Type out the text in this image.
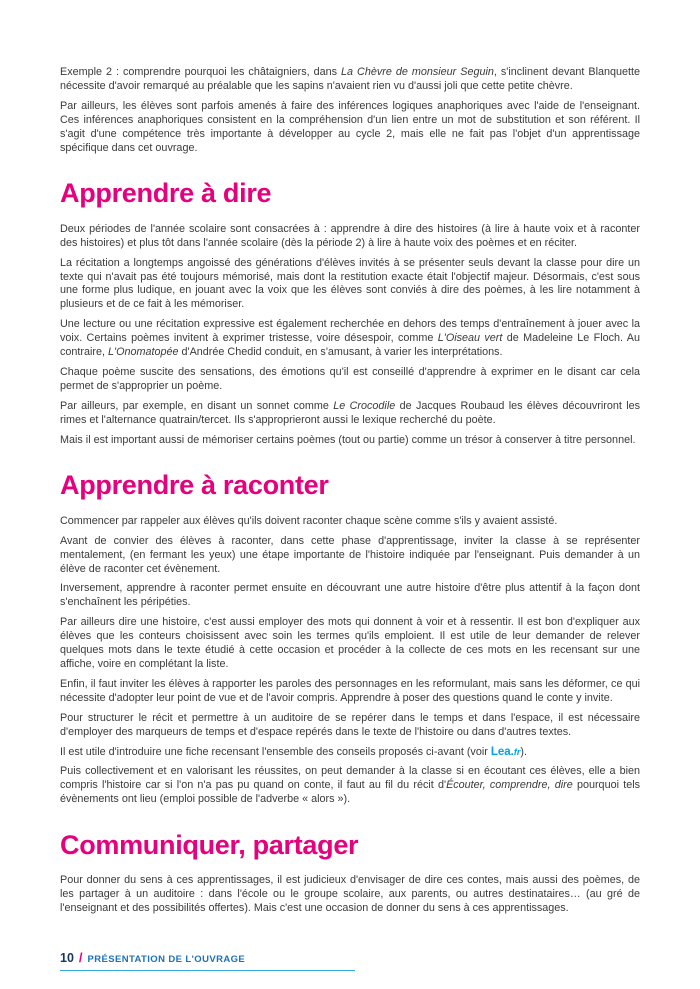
Exemple 2 : comprendre pourquoi les châtaigniers, dans La Chèvre de monsieur Seguin, s'inclinent devant Blanquette nécessite d'avoir remarqué au préalable que les sapins n'avaient rien vu d'aussi joli que cette petite chèvre.

Par ailleurs, les élèves sont parfois amenés à faire des inférences logiques anaphoriques avec l'aide de l'enseignant. Ces inférences anaphoriques consistent en la compréhension d'un lien entre un mot de substitution et son référent. Il s'agit d'une compétence très importante à développer au cycle 2, mais elle ne fait pas l'objet d'un apprentissage spécifique dans cet ouvrage.

Apprendre à dire

Deux périodes de l'année scolaire sont consacrées à : apprendre à dire des histoires (à lire à haute voix et à raconter des histoires) et plus tôt dans l'année scolaire (dès la période 2) à lire à haute voix des poèmes et en réciter.

La récitation a longtemps angoissé des générations d'élèves invités à se présenter seuls devant la classe pour dire un texte qui n'avait pas été toujours mémorisé, mais dont la restitution exacte était l'objectif majeur. Désormais, c'est sous une forme plus ludique, en jouant avec la voix que les élèves sont conviés à dire des poèmes, à les lire notamment à plusieurs et de ce fait à les mémoriser.

Une lecture ou une récitation expressive est également recherchée en dehors des temps d'entraînement à jouer avec la voix. Certains poèmes invitent à exprimer tristesse, voire désespoir, comme L'Oiseau vert de Madeleine Le Floch. Au contraire, L'Onomatopée d'Andrée Chedid conduit, en s'amusant, à varier les interprétations.

Chaque poème suscite des sensations, des émotions qu'il est conseillé d'apprendre à exprimer en le disant car cela permet de s'approprier un poème.

Par ailleurs, par exemple, en disant un sonnet comme Le Crocodile de Jacques Roubaud les élèves découvriront les rimes et l'alternance quatrain/tercet. Ils s'approprieront aussi le lexique recherché du poète.

Mais il est important aussi de mémoriser certains poèmes (tout ou partie) comme un trésor à conserver à titre personnel.

Apprendre à raconter

Commencer par rappeler aux élèves qu'ils doivent raconter chaque scène comme s'ils y avaient assisté.

Avant de convier des élèves à raconter, dans cette phase d'apprentissage, inviter la classe à se représenter mentalement, (en fermant les yeux) une étape importante de l'histoire indiquée par l'enseignant. Puis demander à un élève de raconter cet évènement.

Inversement, apprendre à raconter permet ensuite en découvrant une autre histoire d'être plus attentif à la façon dont s'enchaînent les péripéties.

Par ailleurs dire une histoire, c'est aussi employer des mots qui donnent à voir et à ressentir. Il est bon d'expliquer aux élèves que les conteurs choisissent avec soin les termes qu'ils emploient. Il est utile de leur demander de relever quelques mots dans le texte étudié à cette occasion et procéder à la collecte de ces mots en les recensant sur une affiche, voire en complétant la liste.

Enfin, il faut inviter les élèves à rapporter les paroles des personnages en les reformulant, mais sans les déformer, ce qui nécessite d'adopter leur point de vue et de l'avoir compris. Apprendre à poser des questions quand le conte y invite.

Pour structurer le récit et permettre à un auditoire de se repérer dans le temps et dans l'espace, il est nécessaire d'employer des marqueurs de temps et d'espace repérés dans le texte de l'histoire ou dans d'autres textes.

Il est utile d'introduire une fiche recensant l'ensemble des conseils proposés ci-avant (voir Lea.fr).

Puis collectivement et en valorisant les réussites, on peut demander à la classe si en écoutant ces élèves, elle a bien compris l'histoire car si l'on n'a pas pu quand on conte, il faut au fil du récit d'Écouter, comprendre, dire pourquoi tels évènements ont lieu (emploi possible de l'adverbe « alors »).

Communiquer, partager

Pour donner du sens à ces apprentissages, il est judicieux d'envisager de dire ces contes, mais aussi des poèmes, de les partager à un auditoire : dans l'école ou le groupe scolaire, aux parents, ou autres destinataires… (au gré de l'enseignant et des possibilités offertes). Mais c'est une occasion de donner du sens à ces apprentissages.

10 / PRÉSENTATION DE L'OUVRAGE
